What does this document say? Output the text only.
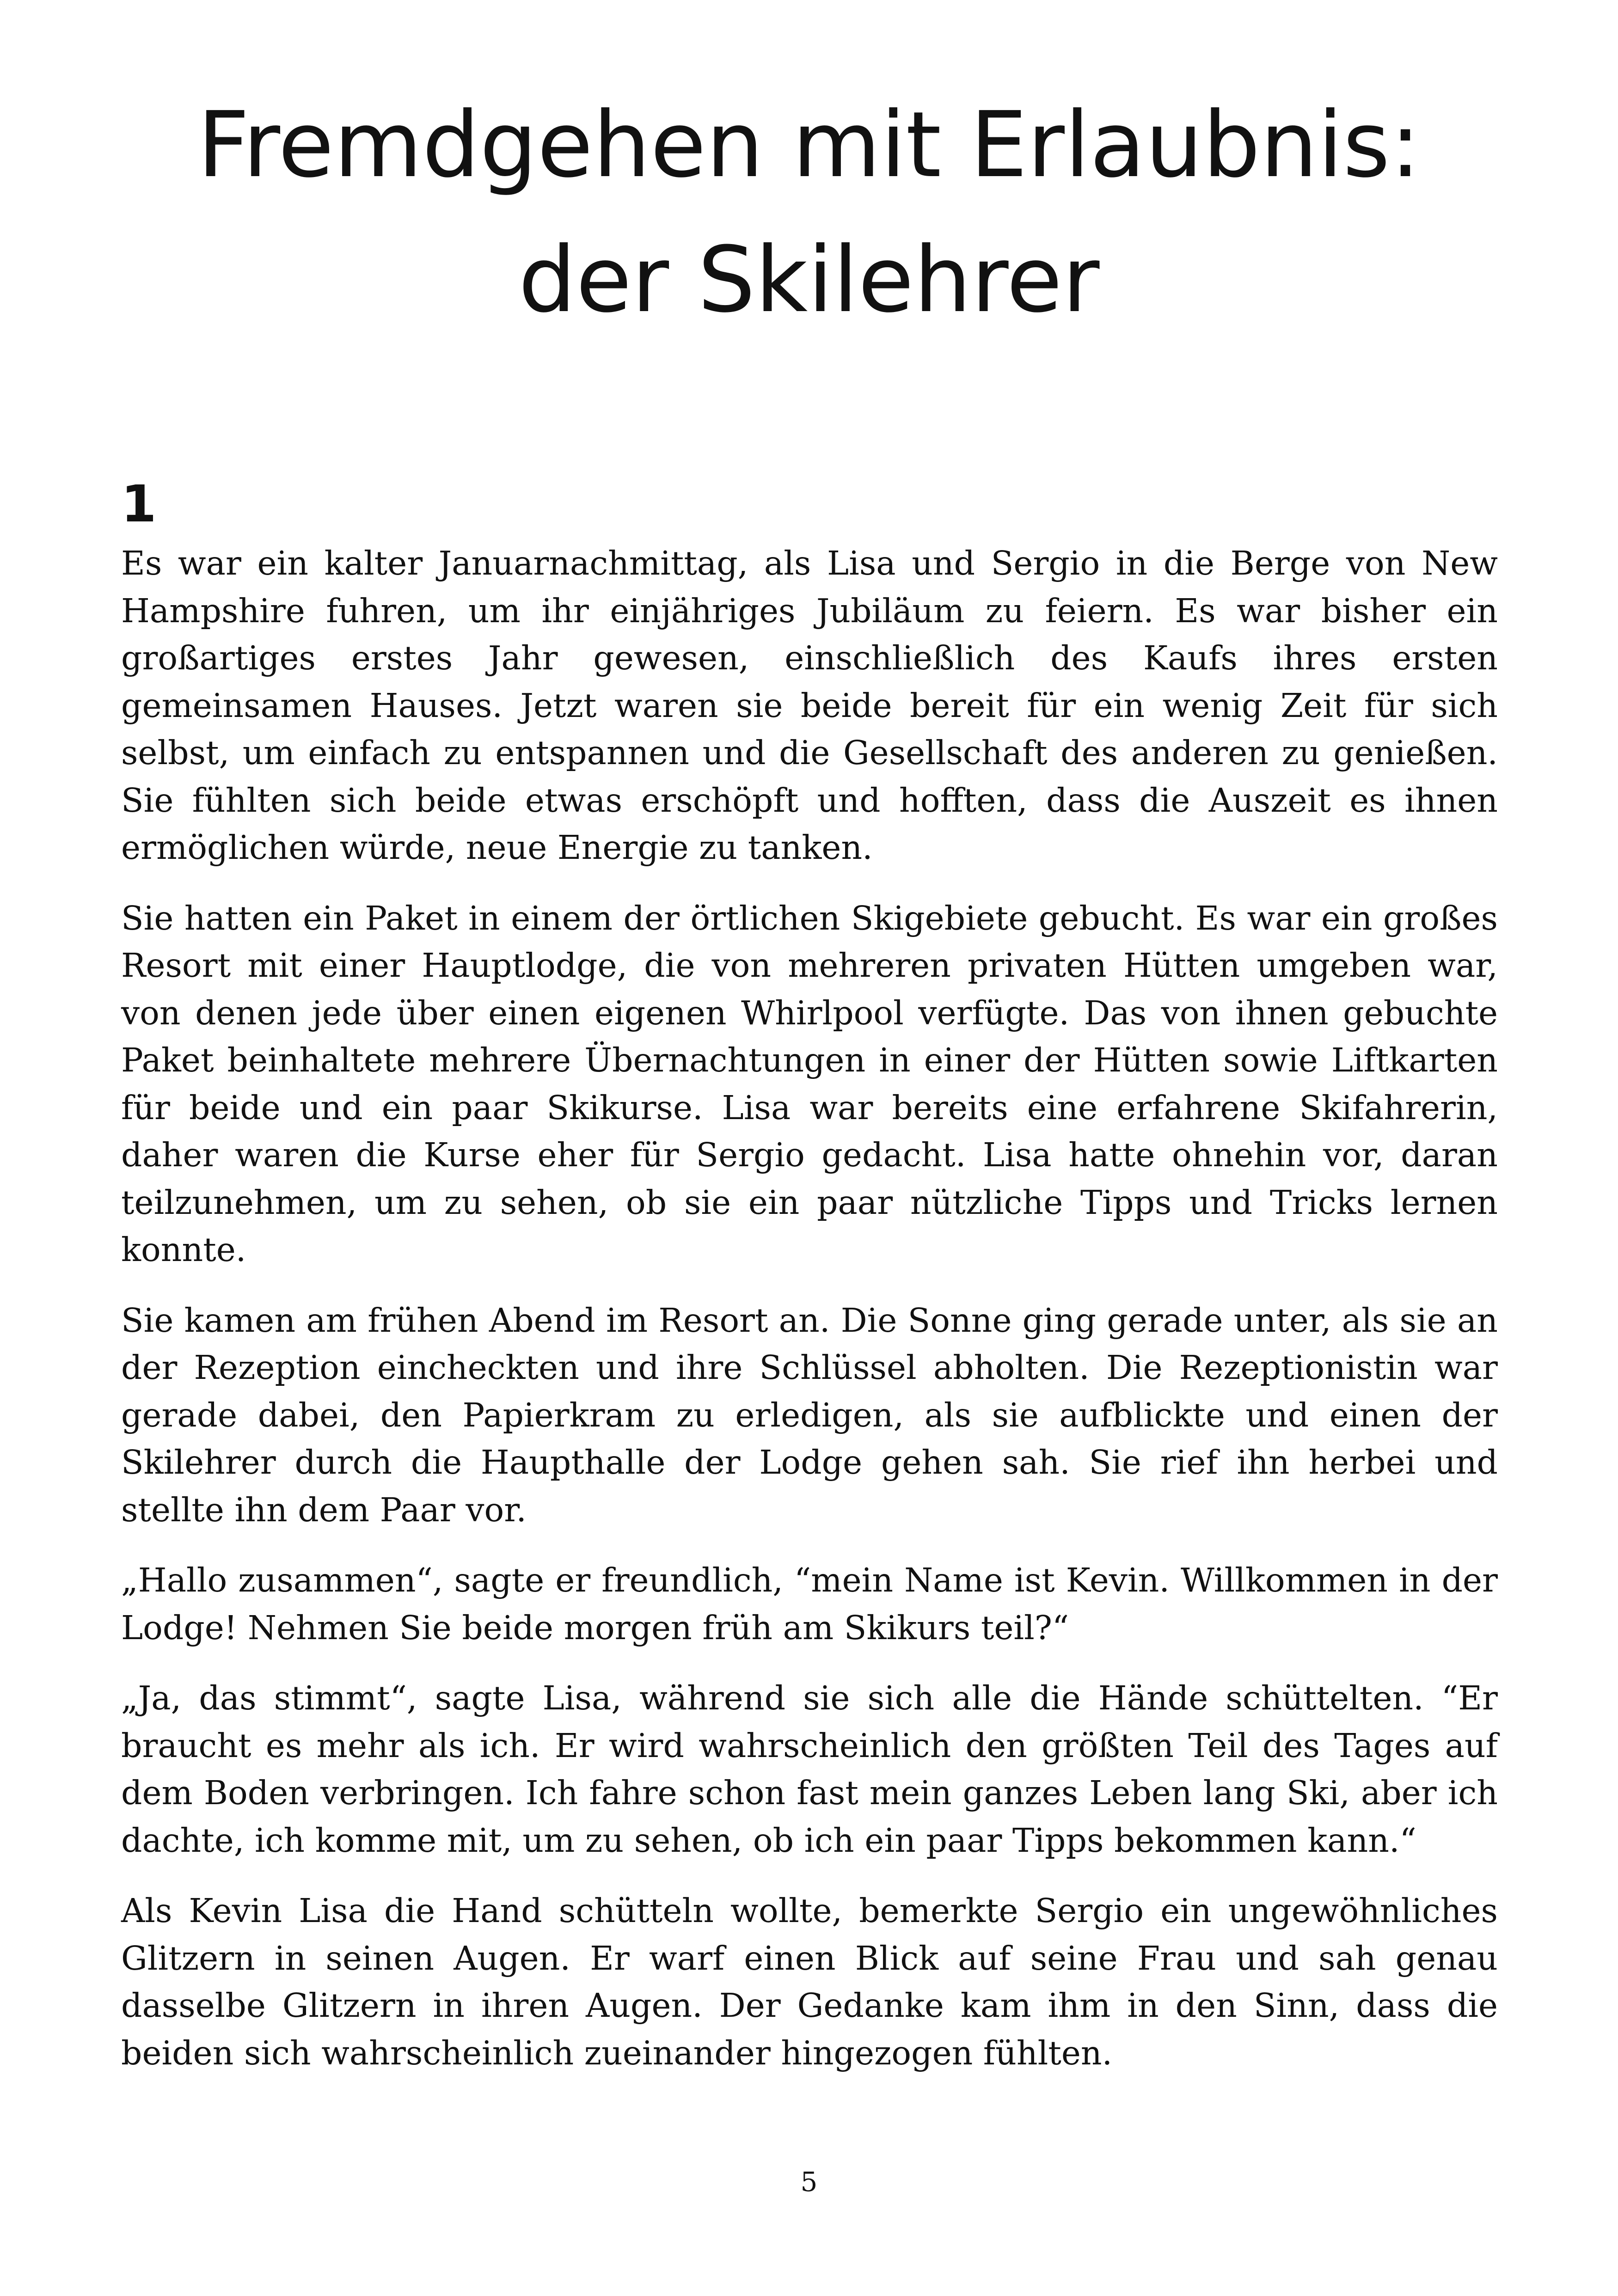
Fremdgehen mit Erlaubnis: der Skilehrer
1

Es war ein kalter Januarnachmittag, als Lisa und Sergio in die Berge von New Hampshire fuhren, um ihr einjähriges Jubiläum zu feiern. Es war bisher ein großartiges erstes Jahr gewesen, einschließlich des Kaufs ihres ersten gemeinsamen Hauses. Jetzt waren sie beide bereit für ein wenig Zeit für sich selbst, um einfach zu entspannen und die Gesellschaft des anderen zu genießen. Sie fühlten sich beide etwas erschöpft und hofften, dass die Auszeit es ihnen ermöglichen würde, neue Energie zu tanken.

Sie hatten ein Paket in einem der örtlichen Skigebiete gebucht. Es war ein großes Resort mit einer Hauptlodge, die von mehreren privaten Hütten umgeben war, von denen jede über einen eigenen Whirlpool verfügte. Das von ihnen gebuchte Paket beinhaltete mehrere Übernachtungen in einer der Hütten sowie Liftkarten für beide und ein paar Skikurse. Lisa war bereits eine erfahrene Skifahrerin, daher waren die Kurse eher für Sergio gedacht. Lisa hatte ohnehin vor, daran teilzunehmen, um zu sehen, ob sie ein paar nützliche Tipps und Tricks lernen konnte.

Sie kamen am frühen Abend im Resort an. Die Sonne ging gerade unter, als sie an der Rezeption eincheckten und ihre Schlüssel abholten. Die Rezeptionistin war gerade dabei, den Papierkram zu erledigen, als sie aufblickte und einen der Skilehrer durch die Haupthalle der Lodge gehen sah. Sie rief ihn herbei und stellte ihn dem Paar vor.

„Hallo zusammen“, sagte er freundlich, “mein Name ist Kevin. Willkommen in der Lodge! Nehmen Sie beide morgen früh am Skikurs teil?“

„Ja, das stimmt“, sagte Lisa, während sie sich alle die Hände schüttelten. “Er braucht es mehr als ich. Er wird wahrscheinlich den größten Teil des Tages auf dem Boden verbringen. Ich fahre schon fast mein ganzes Leben lang Ski, aber ich dachte, ich komme mit, um zu sehen, ob ich ein paar Tipps bekommen kann.“

Als Kevin Lisa die Hand schütteln wollte, bemerkte Sergio ein ungewöhnliches Glitzern in seinen Augen. Er warf einen Blick auf seine Frau und sah genau dasselbe Glitzern in ihren Augen. Der Gedanke kam ihm in den Sinn, dass die beiden sich wahrscheinlich zueinander hingezogen fühlten.

5
